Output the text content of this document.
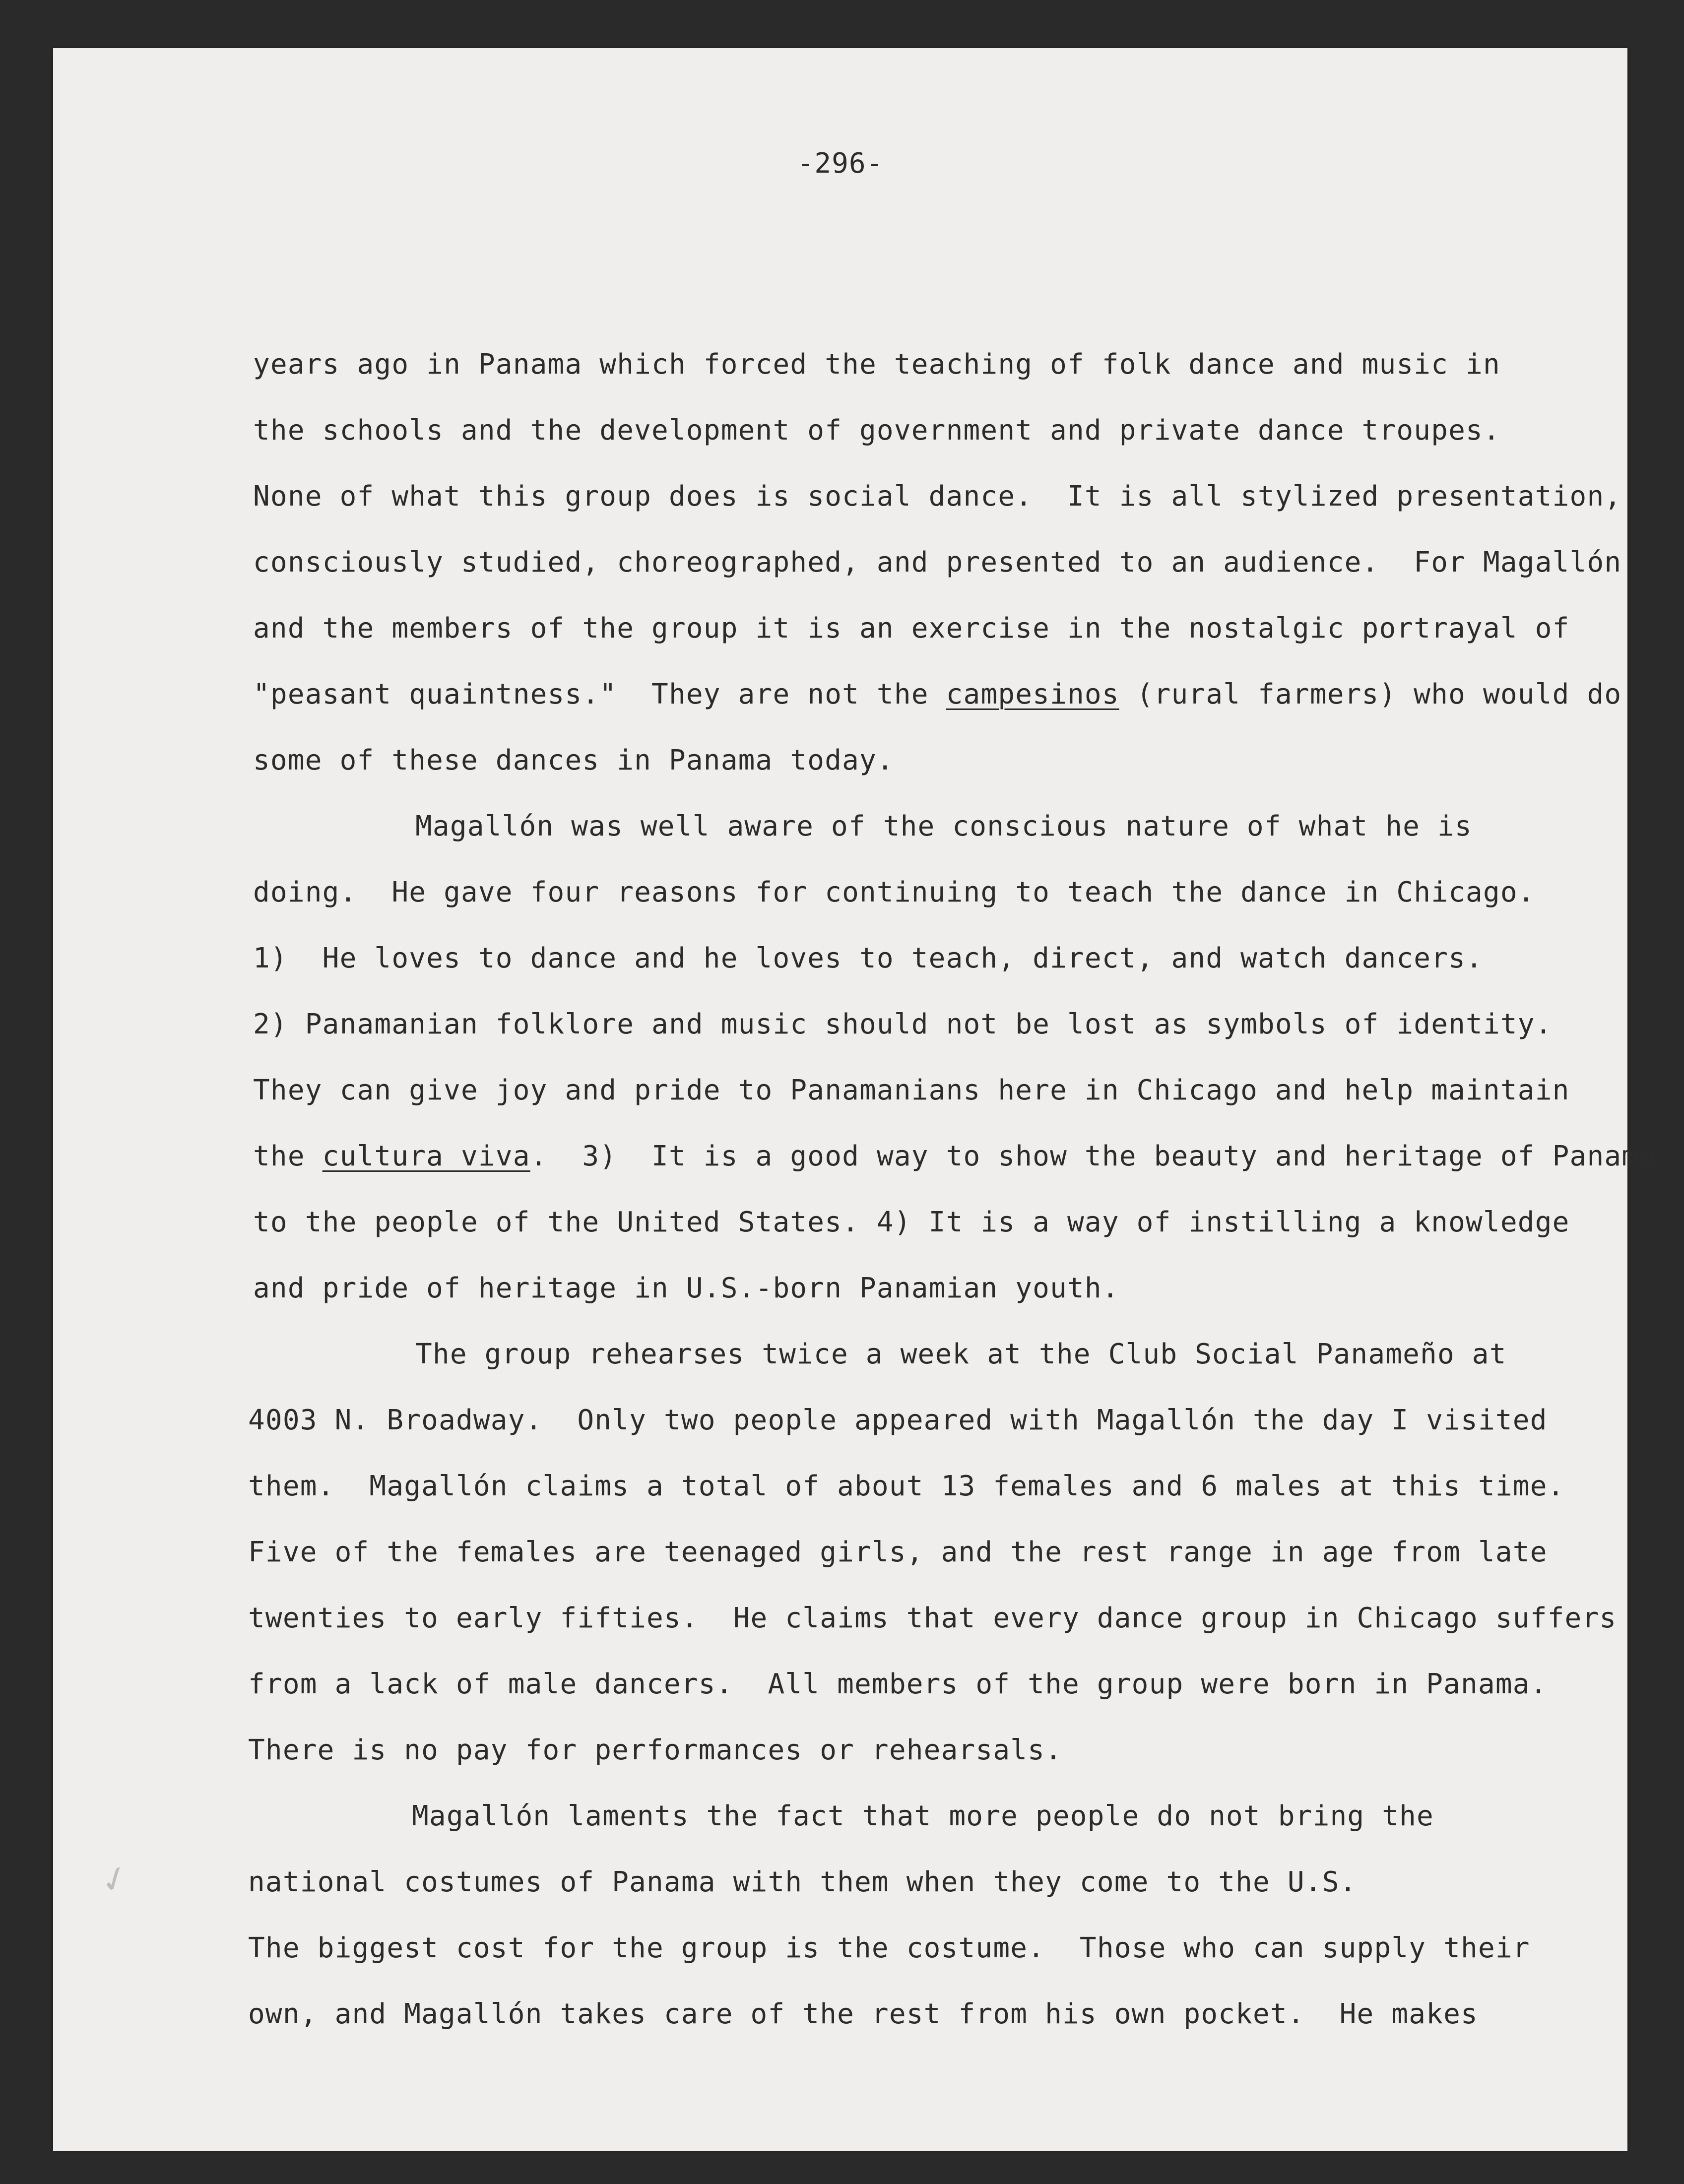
-296-
years ago in Panama which forced the teaching of folk dance and music in
the schools and the development of government and private dance troupes.
None of what this group does is social dance.  It is all stylized presentation,
consciously studied, choreographed, and presented to an audience.  For Magallón
and the members of the group it is an exercise in the nostalgic portrayal of
"peasant quaintness."  They are not the campesinos (rural farmers) who would do
some of these dances in Panama today.
Magallón was well aware of the conscious nature of what he is
doing.  He gave four reasons for continuing to teach the dance in Chicago.
1)  He loves to dance and he loves to teach, direct, and watch dancers.
2) Panamanian folklore and music should not be lost as symbols of identity.
They can give joy and pride to Panamanians here in Chicago and help maintain
the cultura viva.  3)  It is a good way to show the beauty and heritage of Panama
to the people of the United States. 4) It is a way of instilling a knowledge
and pride of heritage in U.S.-born Panamian youth.
The group rehearses twice a week at the Club Social Panameño at
4003 N. Broadway.  Only two people appeared with Magallón the day I visited
them.  Magallón claims a total of about 13 females and 6 males at this time.
Five of the females are teenaged girls, and the rest range in age from late
twenties to early fifties.  He claims that every dance group in Chicago suffers
from a lack of male dancers.  All members of the group were born in Panama.
There is no pay for performances or rehearsals.
Magallón laments the fact that more people do not bring the
national costumes of Panama with them when they come to the U.S.
The biggest cost for the group is the costume.  Those who can supply their
own, and Magallón takes care of the rest from his own pocket.  He makes
✓
